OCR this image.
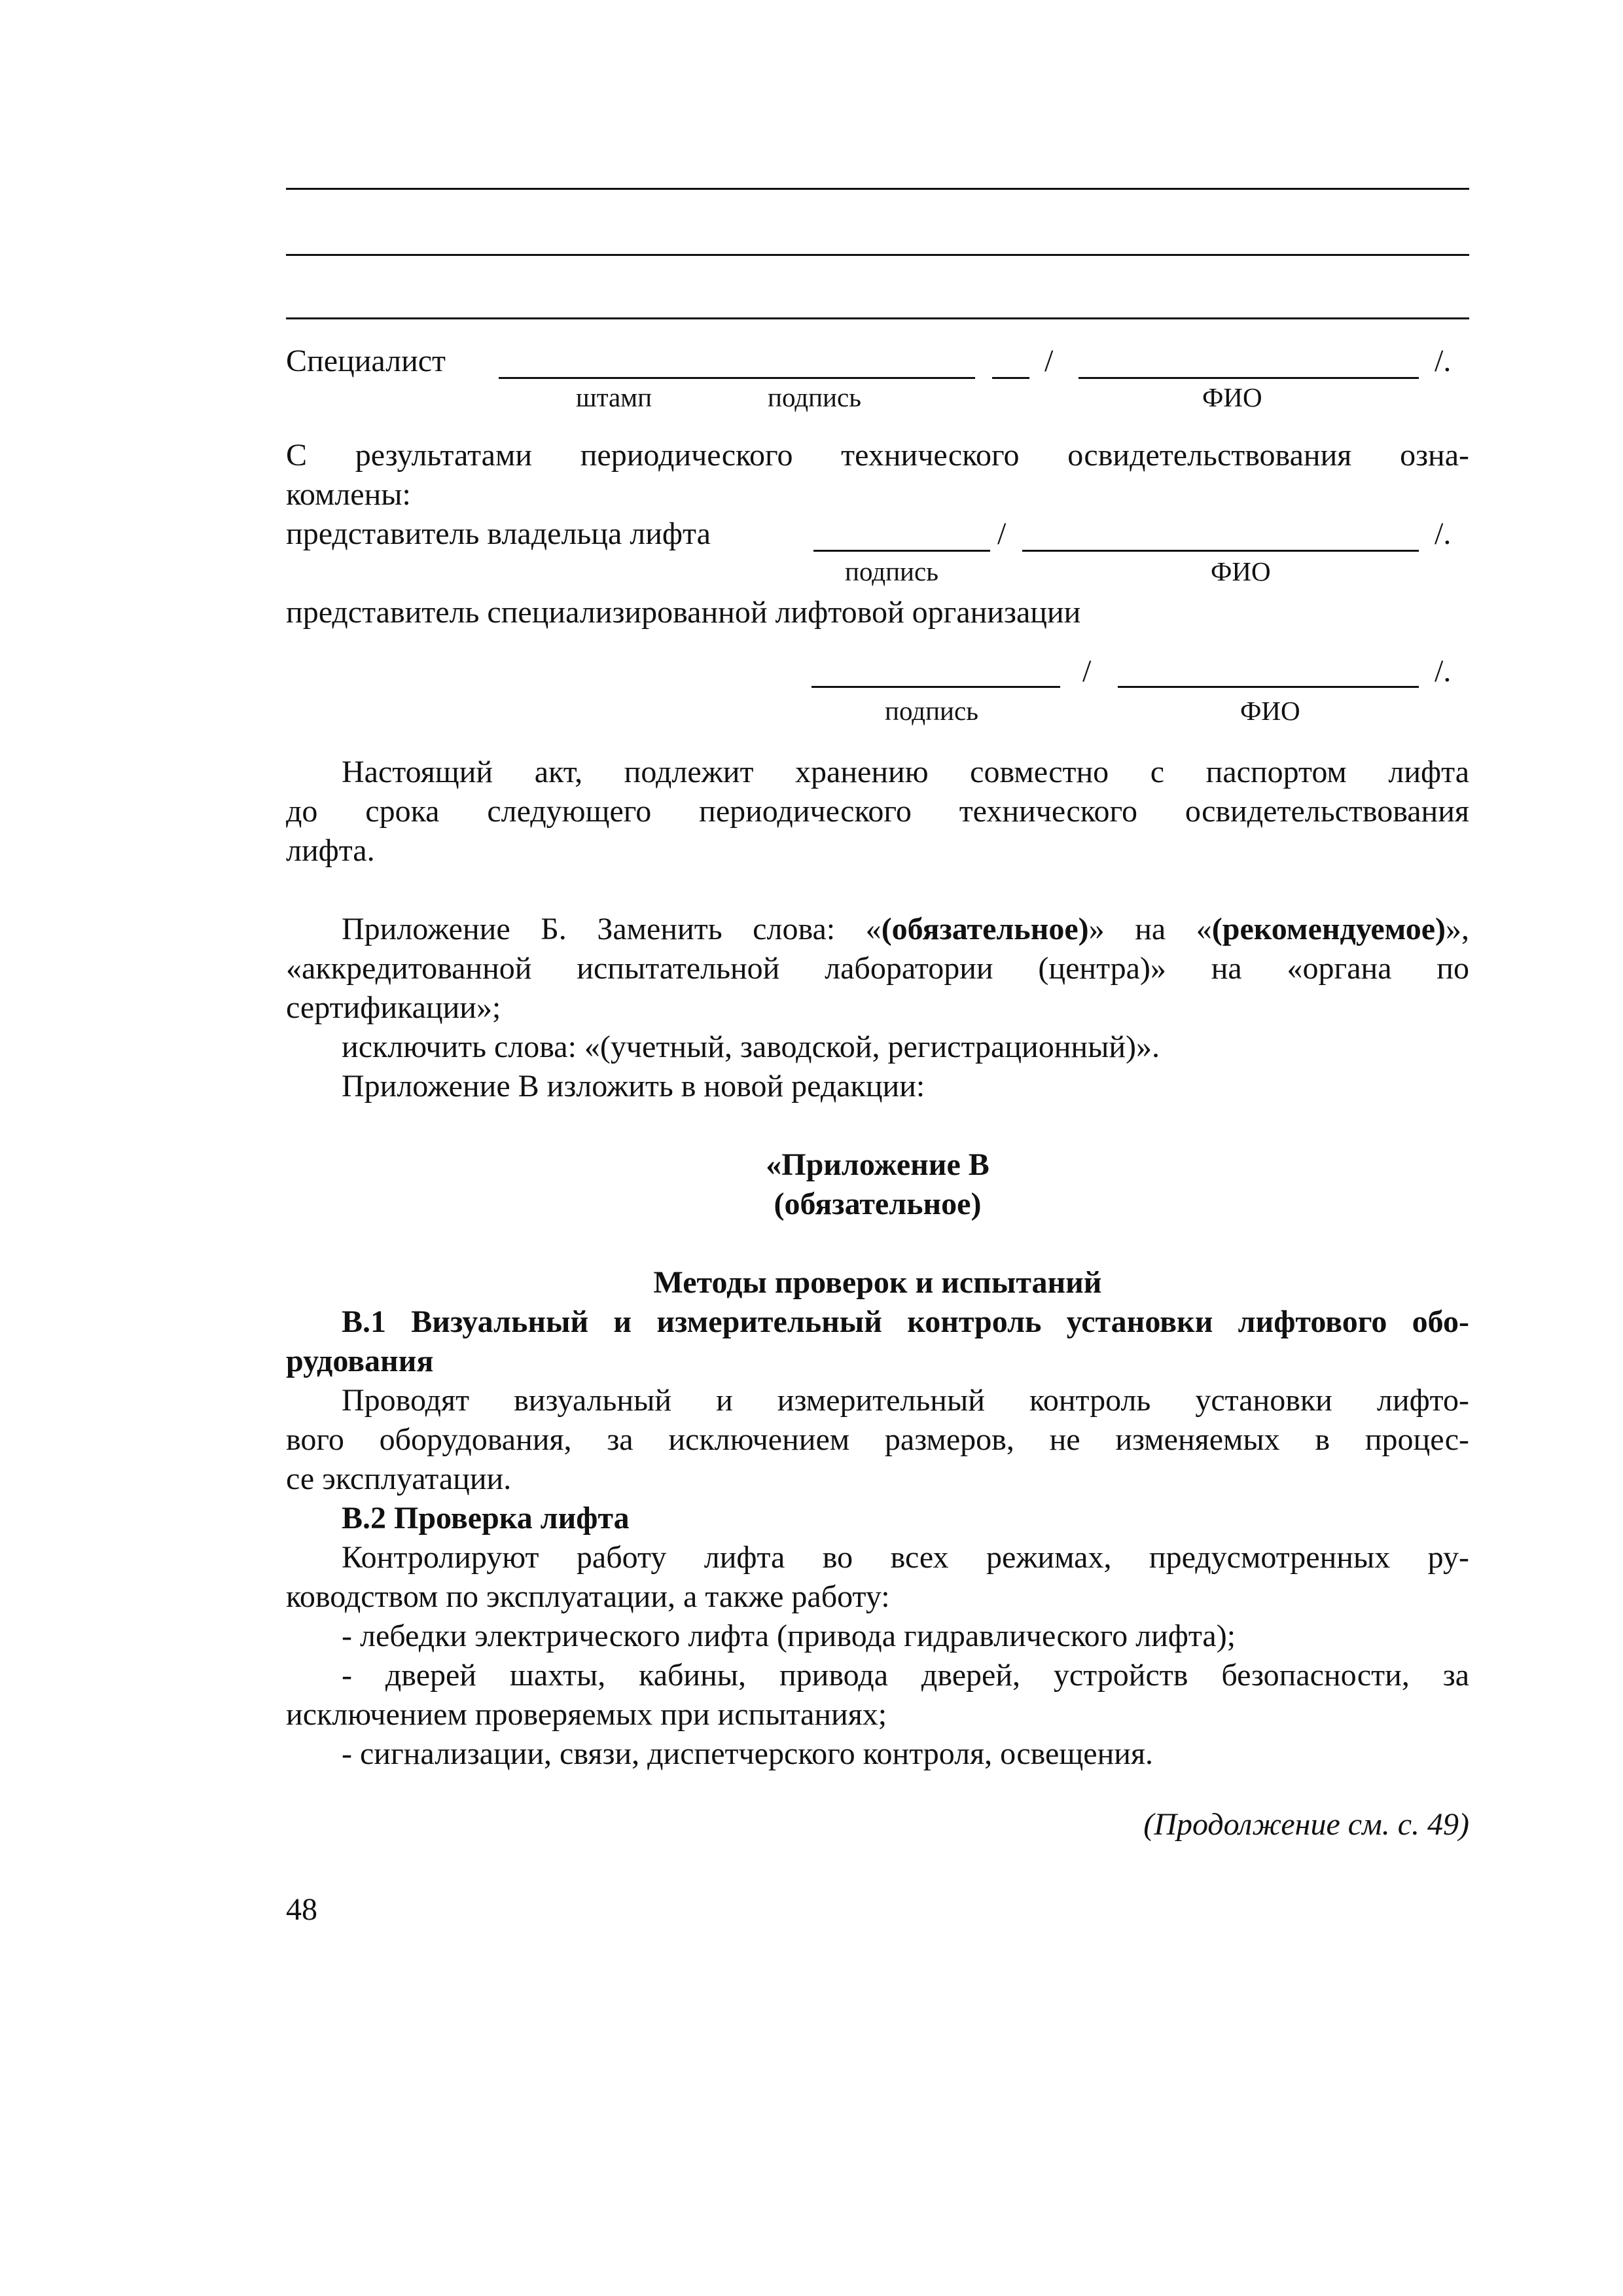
Специалист	/	/.
штамп	подпись	ФИО
С результатами периодического технического освидетельствования озна-
комлены:
представитель владельца лифта	/	/.
подпись	ФИО
представитель специализированной лифтовой организации
/	/.
подпись	ФИО
Настоящий акт, подлежит хранению совместно с паспортом лифта
до срока следующего периодического технического освидетельствования
лифта.
Приложение Б. Заменить слова: «(обязательное)» на «(рекомендуемое)»,
«аккредитованной испытательной лаборатории (центра)» на «органа по
сертификации»;
исключить слова: «(учетный, заводской, регистрационный)».
Приложение В изложить в новой редакции:
«Приложение В
(обязательное)
Методы проверок и испытаний
В.1 Визуальный и измерительный контроль установки лифтового обо-
рудования
Проводят визуальный и измерительный контроль установки лифто-
вого оборудования, за исключением размеров, не изменяемых в процес-
се эксплуатации.
В.2 Проверка лифта
Контролируют работу лифта во всех режимах, предусмотренных ру-
ководством по эксплуатации, а также работу:
- лебедки электрического лифта (привода гидравлического лифта);
- дверей шахты, кабины, привода дверей, устройств безопасности, за
исключением проверяемых при испытаниях;
- сигнализации, связи, диспетчерского контроля, освещения.
(Продолжение см. с. 49)
48
